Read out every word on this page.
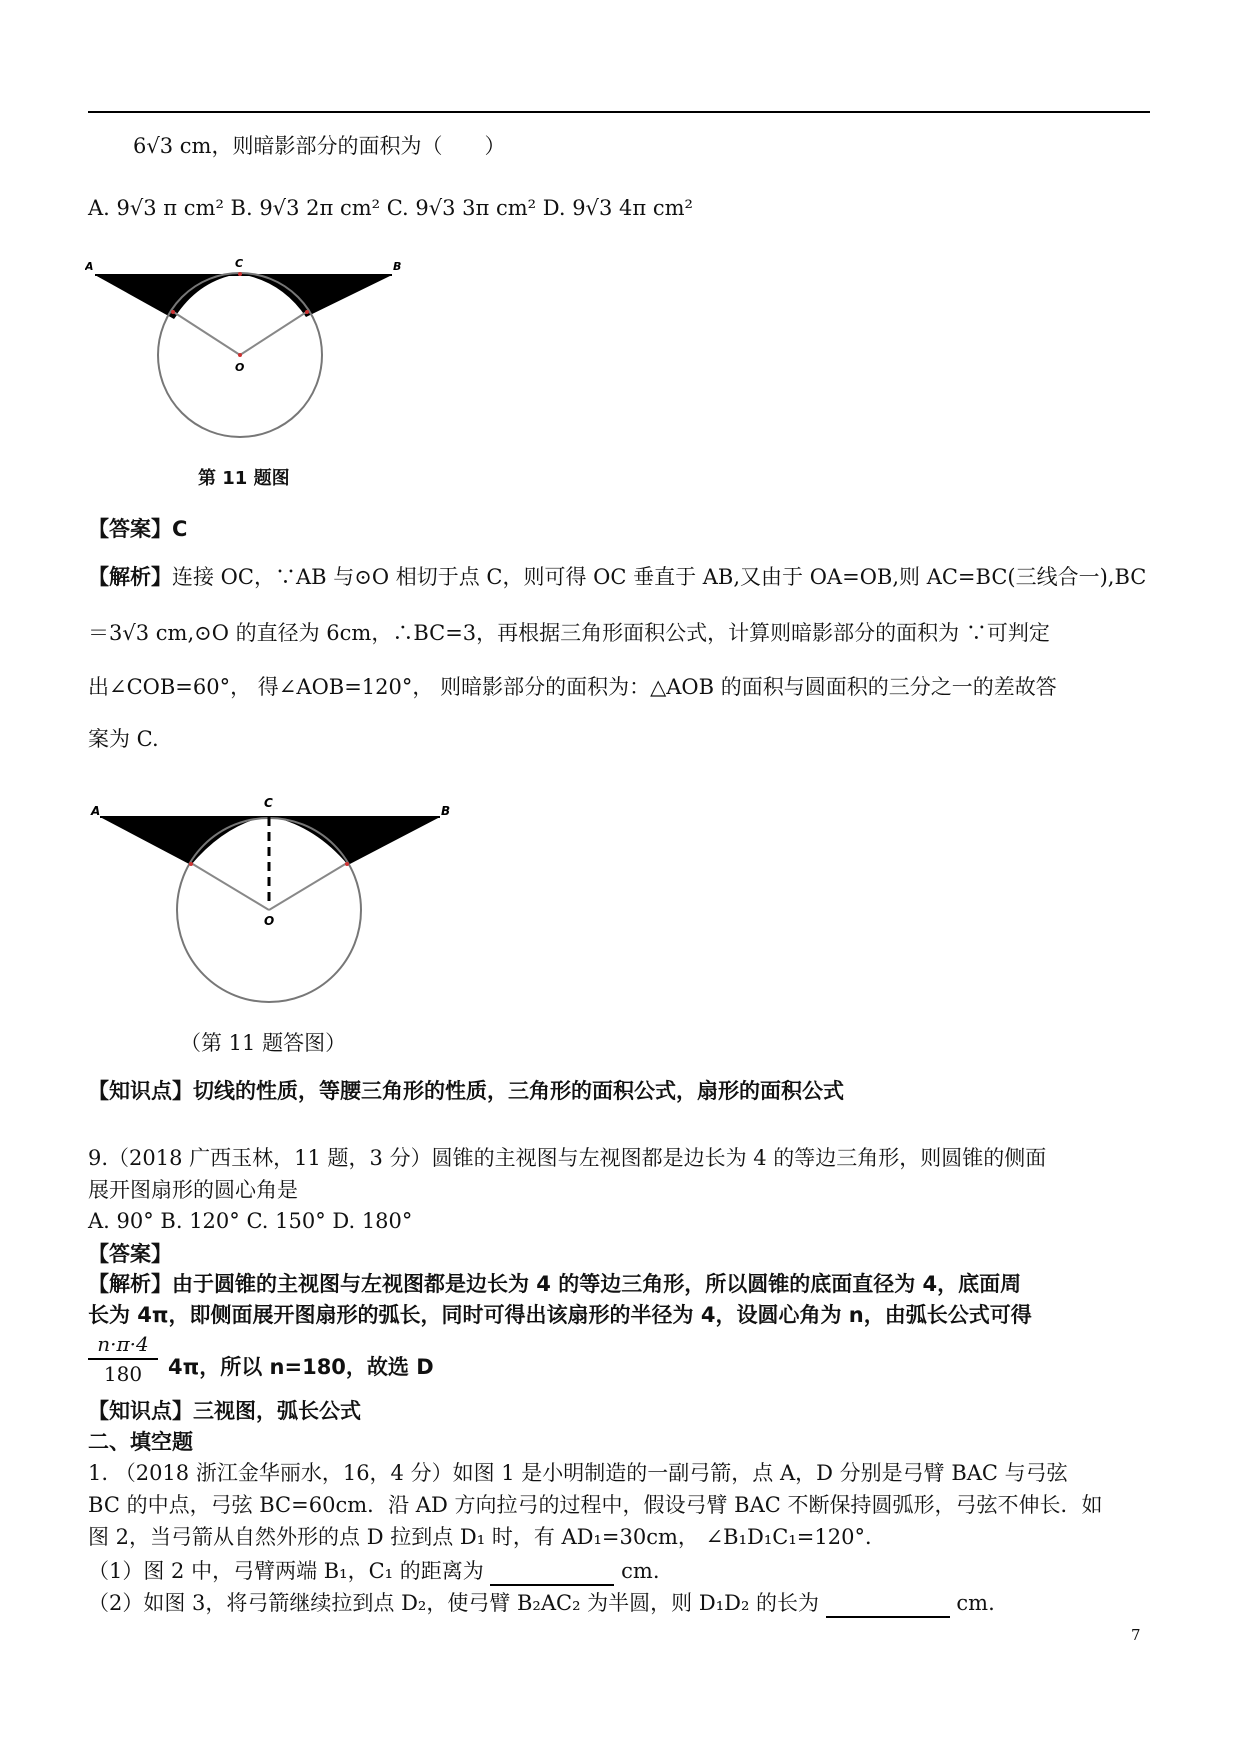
6√3 cm，则暗影部分的面积为（　　）
A. 9√3 π cm² B. 9√3 2π cm² C. 9√3 3π cm² D. 9√3 4π cm²
A	C	B
O
第 11 题图
【答案】C
【解析】连接 OC，∵AB 与⊙O 相切于点 C，则可得 OC 垂直于 AB,又由于 OA=OB,则 AC=BC(三线合一),BC
＝3√3 cm,⊙O 的直径为 6cm，∴BC=3，再根据三角形面积公式，计算则暗影部分的面积为 ∵可判定
出∠COB=60°， 得∠AOB=120°， 则暗影部分的面积为：△AOB 的面积与圆面积的三分之一的差故答
案为 C.
A
C
B
O
（第 11 题答图）
【知识点】切线的性质，等腰三角形的性质，三角形的面积公式，扇形的面积公式
9.（2018 广西玉林，11 题，3 分）圆锥的主视图与左视图都是边长为 4 的等边三角形，则圆锥的侧面
展开图扇形的圆心角是
A. 90° B. 120° C. 150° D. 180°
【答案】
【解析】由于圆锥的主视图与左视图都是边长为 4 的等边三角形，所以圆锥的底面直径为 4，底面周
长为 4π，即侧面展开图扇形的弧长，同时可得出该扇形的半径为 4，设圆心角为 n，由弧长公式可得
n·π·4
180	4π，所以 n=180，故选 D
【知识点】三视图，弧长公式
二、填空题
1. （2018 浙江金华丽水，16，4 分）如图 1 是小明制造的一副弓箭，点 A，D 分别是弓臂 BAC 与弓弦
BC 的中点，弓弦 BC=60cm．沿 AD 方向拉弓的过程中，假设弓臂 BAC 不断保持圆弧形，弓弦不伸长．如
图 2，当弓箭从自然外形的点 D 拉到点 D₁ 时，有 AD₁=30cm， ∠B₁D₁C₁=120°．
（1）图 2 中，弓臂两端 B₁，C₁ 的距离为	cm.
（2）如图 3，将弓箭继续拉到点 D₂，使弓臂 B₂AC₂ 为半圆，则 D₁D₂ 的长为	cm.
7
